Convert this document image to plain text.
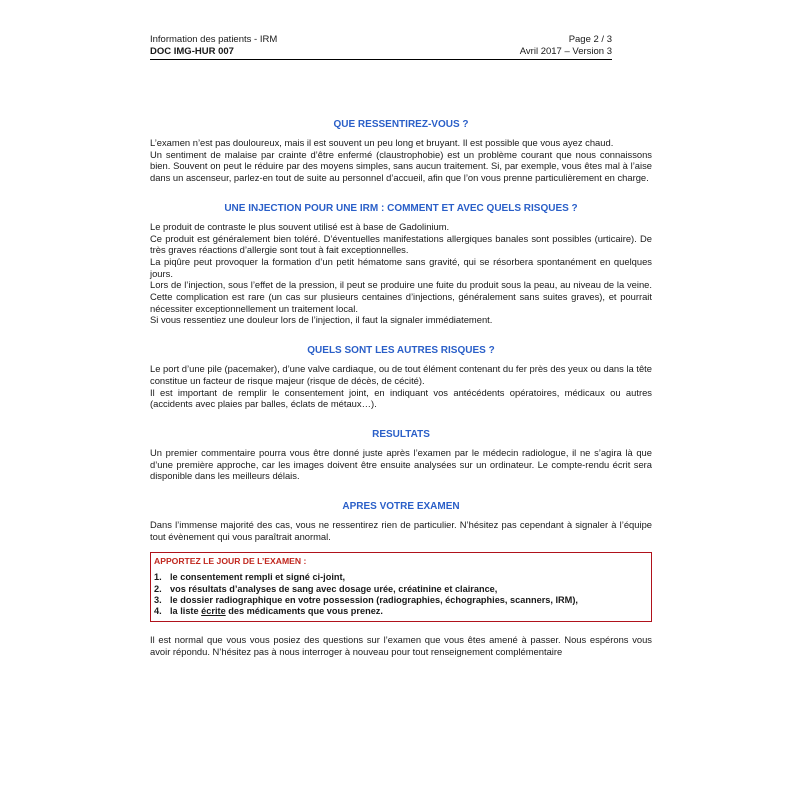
Information des patients - IRM	Page 2 / 3
DOC IMG-HUR 007	Avril 2017 – Version 3
QUE RESSENTIREZ-VOUS ?

L’examen n’est pas douloureux, mais il est souvent un peu long et bruyant. Il est possible que vous ayez chaud.

Un sentiment de malaise par crainte d’être enfermé (claustrophobie) est un problème courant que nous connaissons bien. Souvent on peut le réduire par des moyens simples, sans aucun traitement. Si, par exemple, vous êtes mal à l’aise dans un ascenseur, parlez-en tout de suite au personnel d’accueil, afin que l’on vous prenne particulièrement en charge.

UNE INJECTION POUR UNE IRM : COMMENT ET AVEC QUELS RISQUES ?

Le produit de contraste le plus souvent utilisé est à base de Gadolinium.

Ce produit est généralement bien toléré. D’éventuelles manifestations allergiques banales sont possibles (urticaire). De très graves réactions d’allergie sont tout à fait exceptionnelles.

La piqûre peut provoquer la formation d’un petit hématome sans gravité, qui se résorbera spontanément en quelques jours.

Lors de l’injection, sous l’effet de la pression, il peut se produire une fuite du produit sous la peau, au niveau de la veine. Cette complication est rare (un cas sur plusieurs centaines d’injections, généralement sans suites graves), et pourrait nécessiter exceptionnellement un traitement local.

Si vous ressentiez une douleur lors de l’injection, il faut la signaler immédiatement.

QUELS SONT LES AUTRES RISQUES ?

Le port d’une pile (pacemaker), d’une valve cardiaque, ou de tout élément contenant du fer près des yeux ou dans la tête constitue un facteur de risque majeur (risque de décès, de cécité).

Il est important de remplir le consentement joint, en indiquant vos antécédents opératoires, médicaux ou autres (accidents avec plaies par balles, éclats de métaux…).

RESULTATS

Un premier commentaire pourra vous être donné juste après l’examen par le médecin radiologue, il ne s’agira là que d’une première approche, car les images doivent être ensuite analysées sur un ordinateur. Le compte-rendu écrit sera disponible dans les meilleurs délais.

APRES VOTRE EXAMEN

Dans l’immense majorité des cas, vous ne ressentirez rien de particulier. N’hésitez pas cependant à signaler à l’équipe tout évènement qui vous paraîtrait anormal.

APPORTEZ LE JOUR DE L’EXAMEN :
1. le consentement rempli et signé ci-joint,
2. vos résultats d’analyses de sang avec dosage urée, créatinine et clairance,
3. le dossier radiographique en votre possession (radiographies, échographies, scanners, IRM),
4. la liste écrite des médicaments que vous prenez.

Il est normal que vous vous posiez des questions sur l’examen que vous êtes amené à passer. Nous espérons vous avoir répondu. N’hésitez pas à nous interroger à nouveau pour tout renseignement complémentaire
